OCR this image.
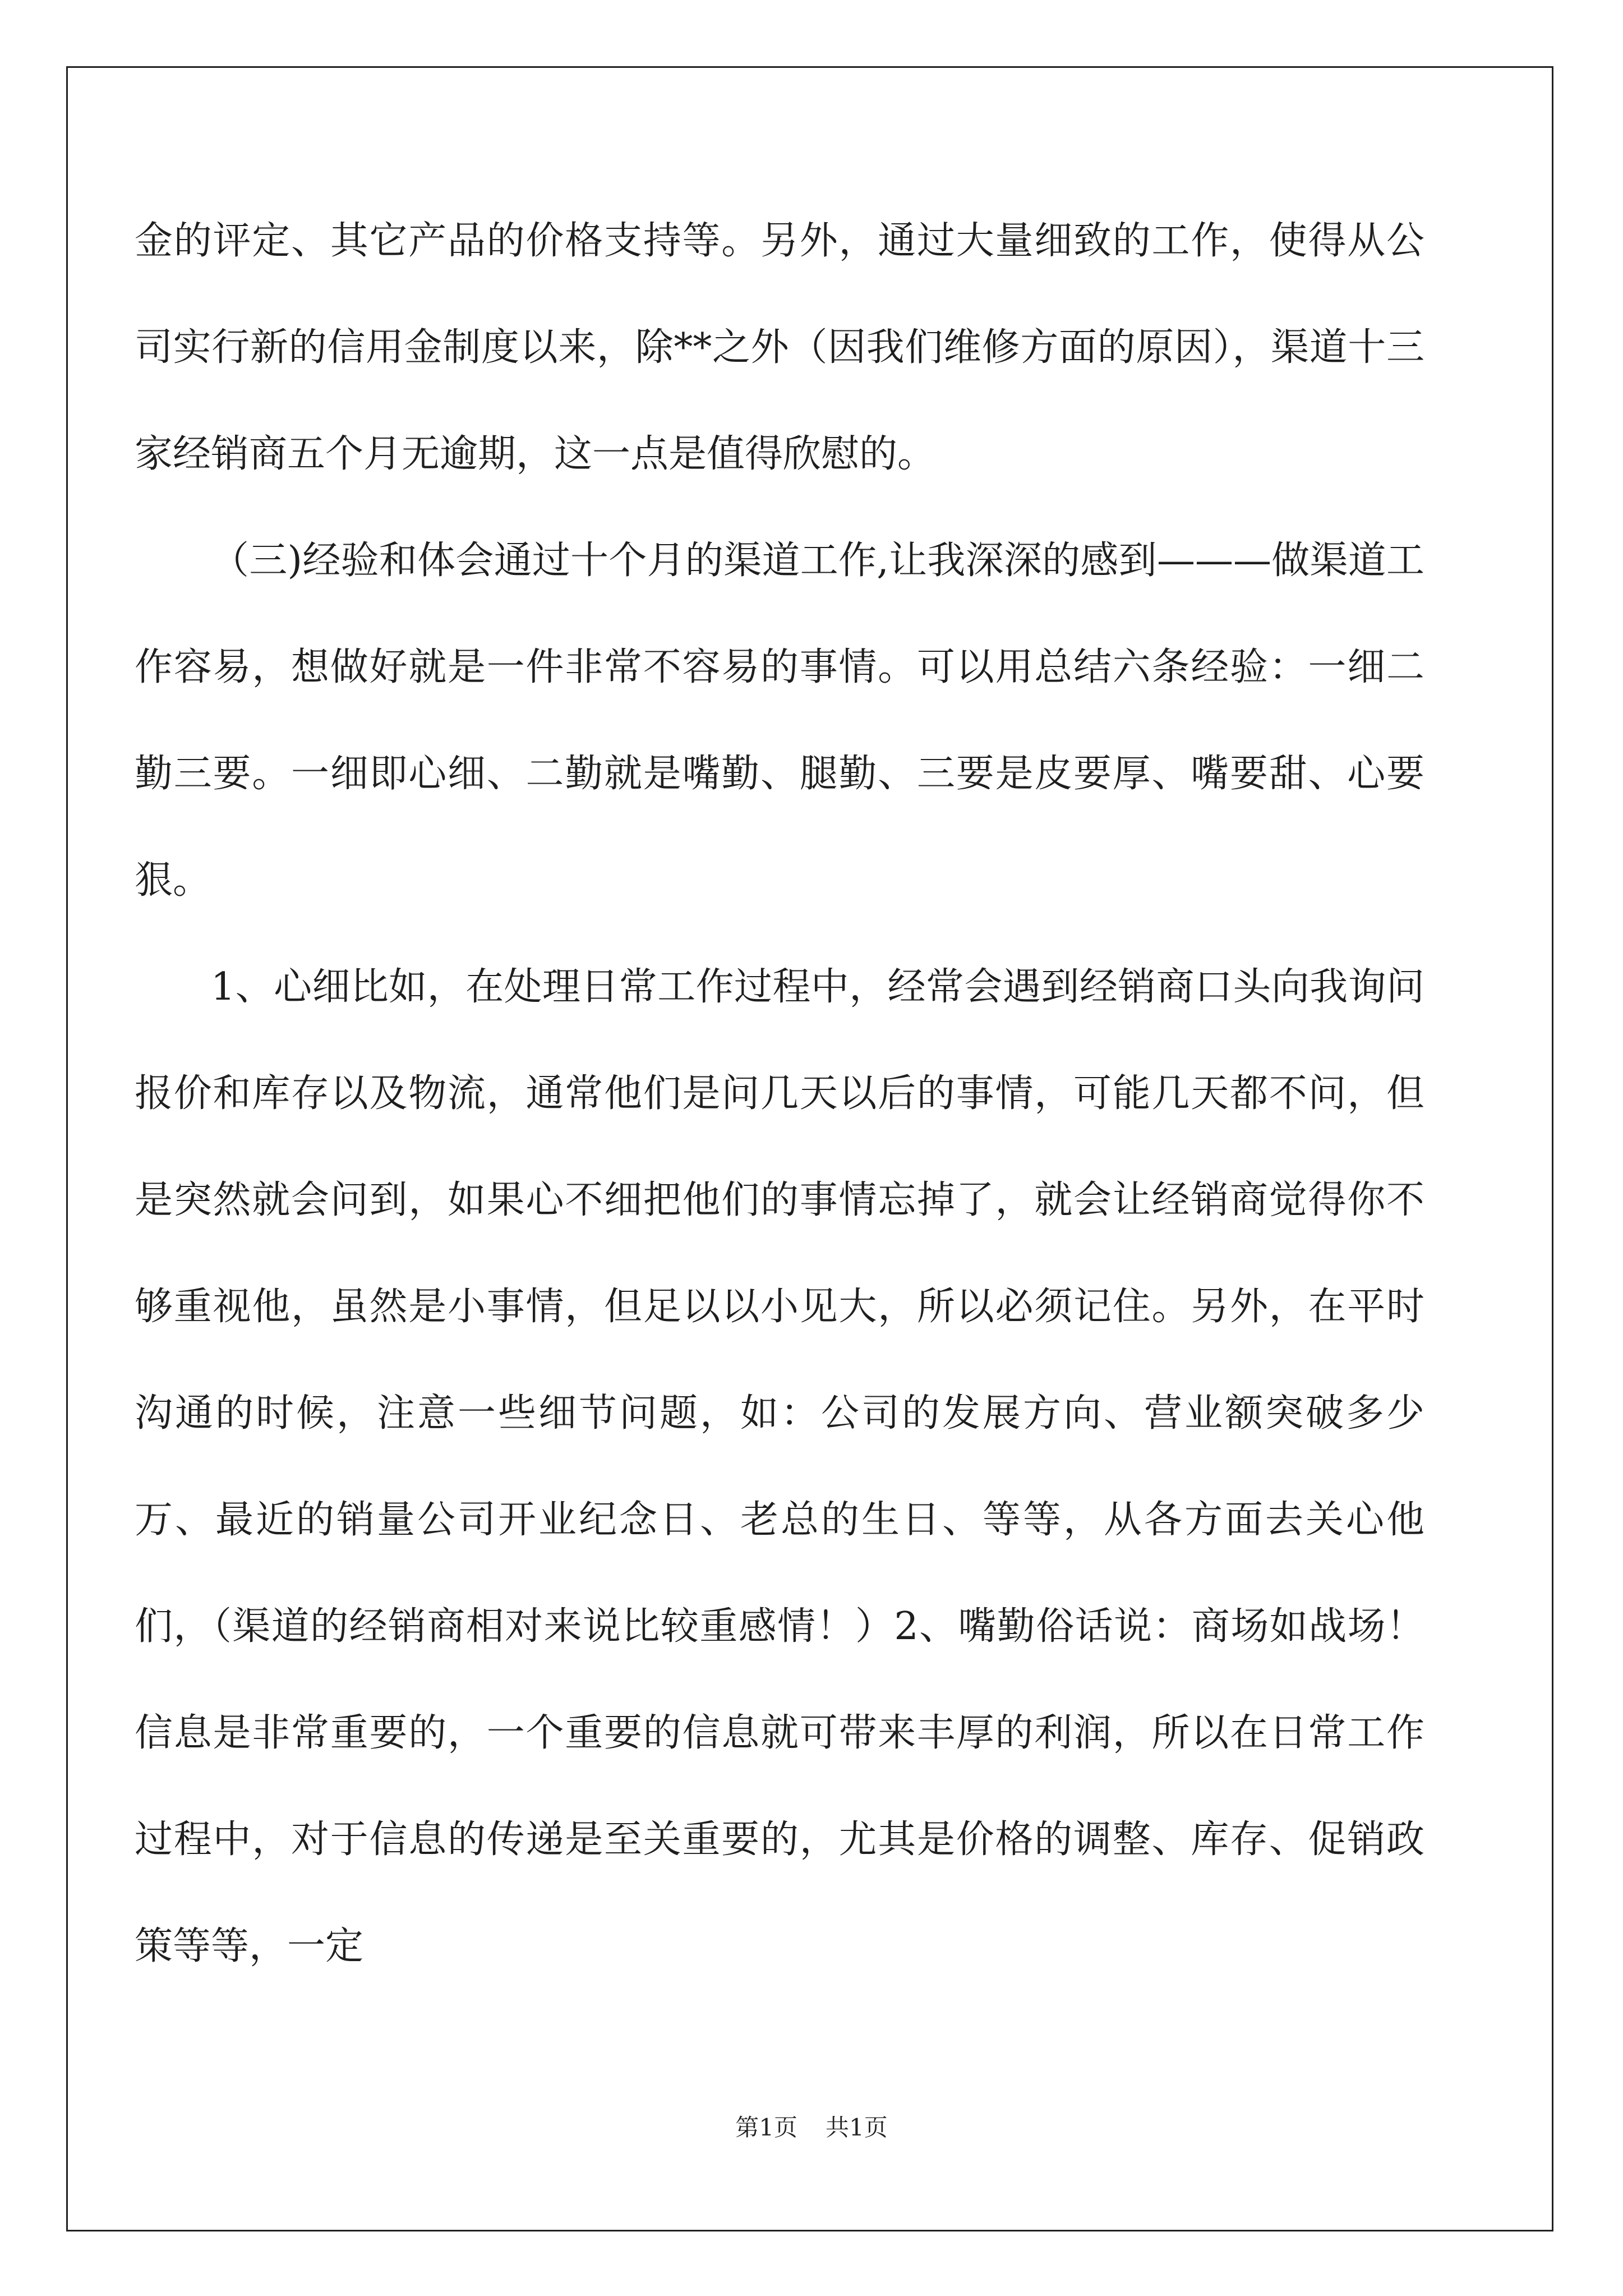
金的评定、其它产品的价格支持等。另外，通过大量细致的工作，使得从公司实行新的信用金制度以来，除**之外（因我们维修方面的原因），渠道十三家经销商五个月无逾期，这一点是值得欣慰的。

（三)经验和体会通过十个月的渠道工作,让我深深的感到———做渠道工作容易，想做好就是一件非常不容易的事情。可以用总结六条经验：一细二勤三要。一细即心细、二勤就是嘴勤、腿勤、三要是皮要厚、嘴要甜、心要狠。

1、心细比如，在处理日常工作过程中，经常会遇到经销商口头向我询问报价和库存以及物流，通常他们是问几天以后的事情，可能几天都不问，但是突然就会问到，如果心不细把他们的事情忘掉了，就会让经销商觉得你不够重视他，虽然是小事情，但足以以小见大，所以必须记住。另外，在平时沟通的时候，注意一些细节问题，如：公司的发展方向、营业额突破多少万、最近的销量公司开业纪念日、老总的生日、等等，从各方面去关心他们，（渠道的经销商相对来说比较重感情！）2、嘴勤俗话说：商场如战场！信息是非常重要的，一个重要的信息就可带来丰厚的利润，所以在日常工作过程中，对于信息的传递是至关重要的，尤其是价格的调整、库存、促销政策等等，一定

第1页 共1页
